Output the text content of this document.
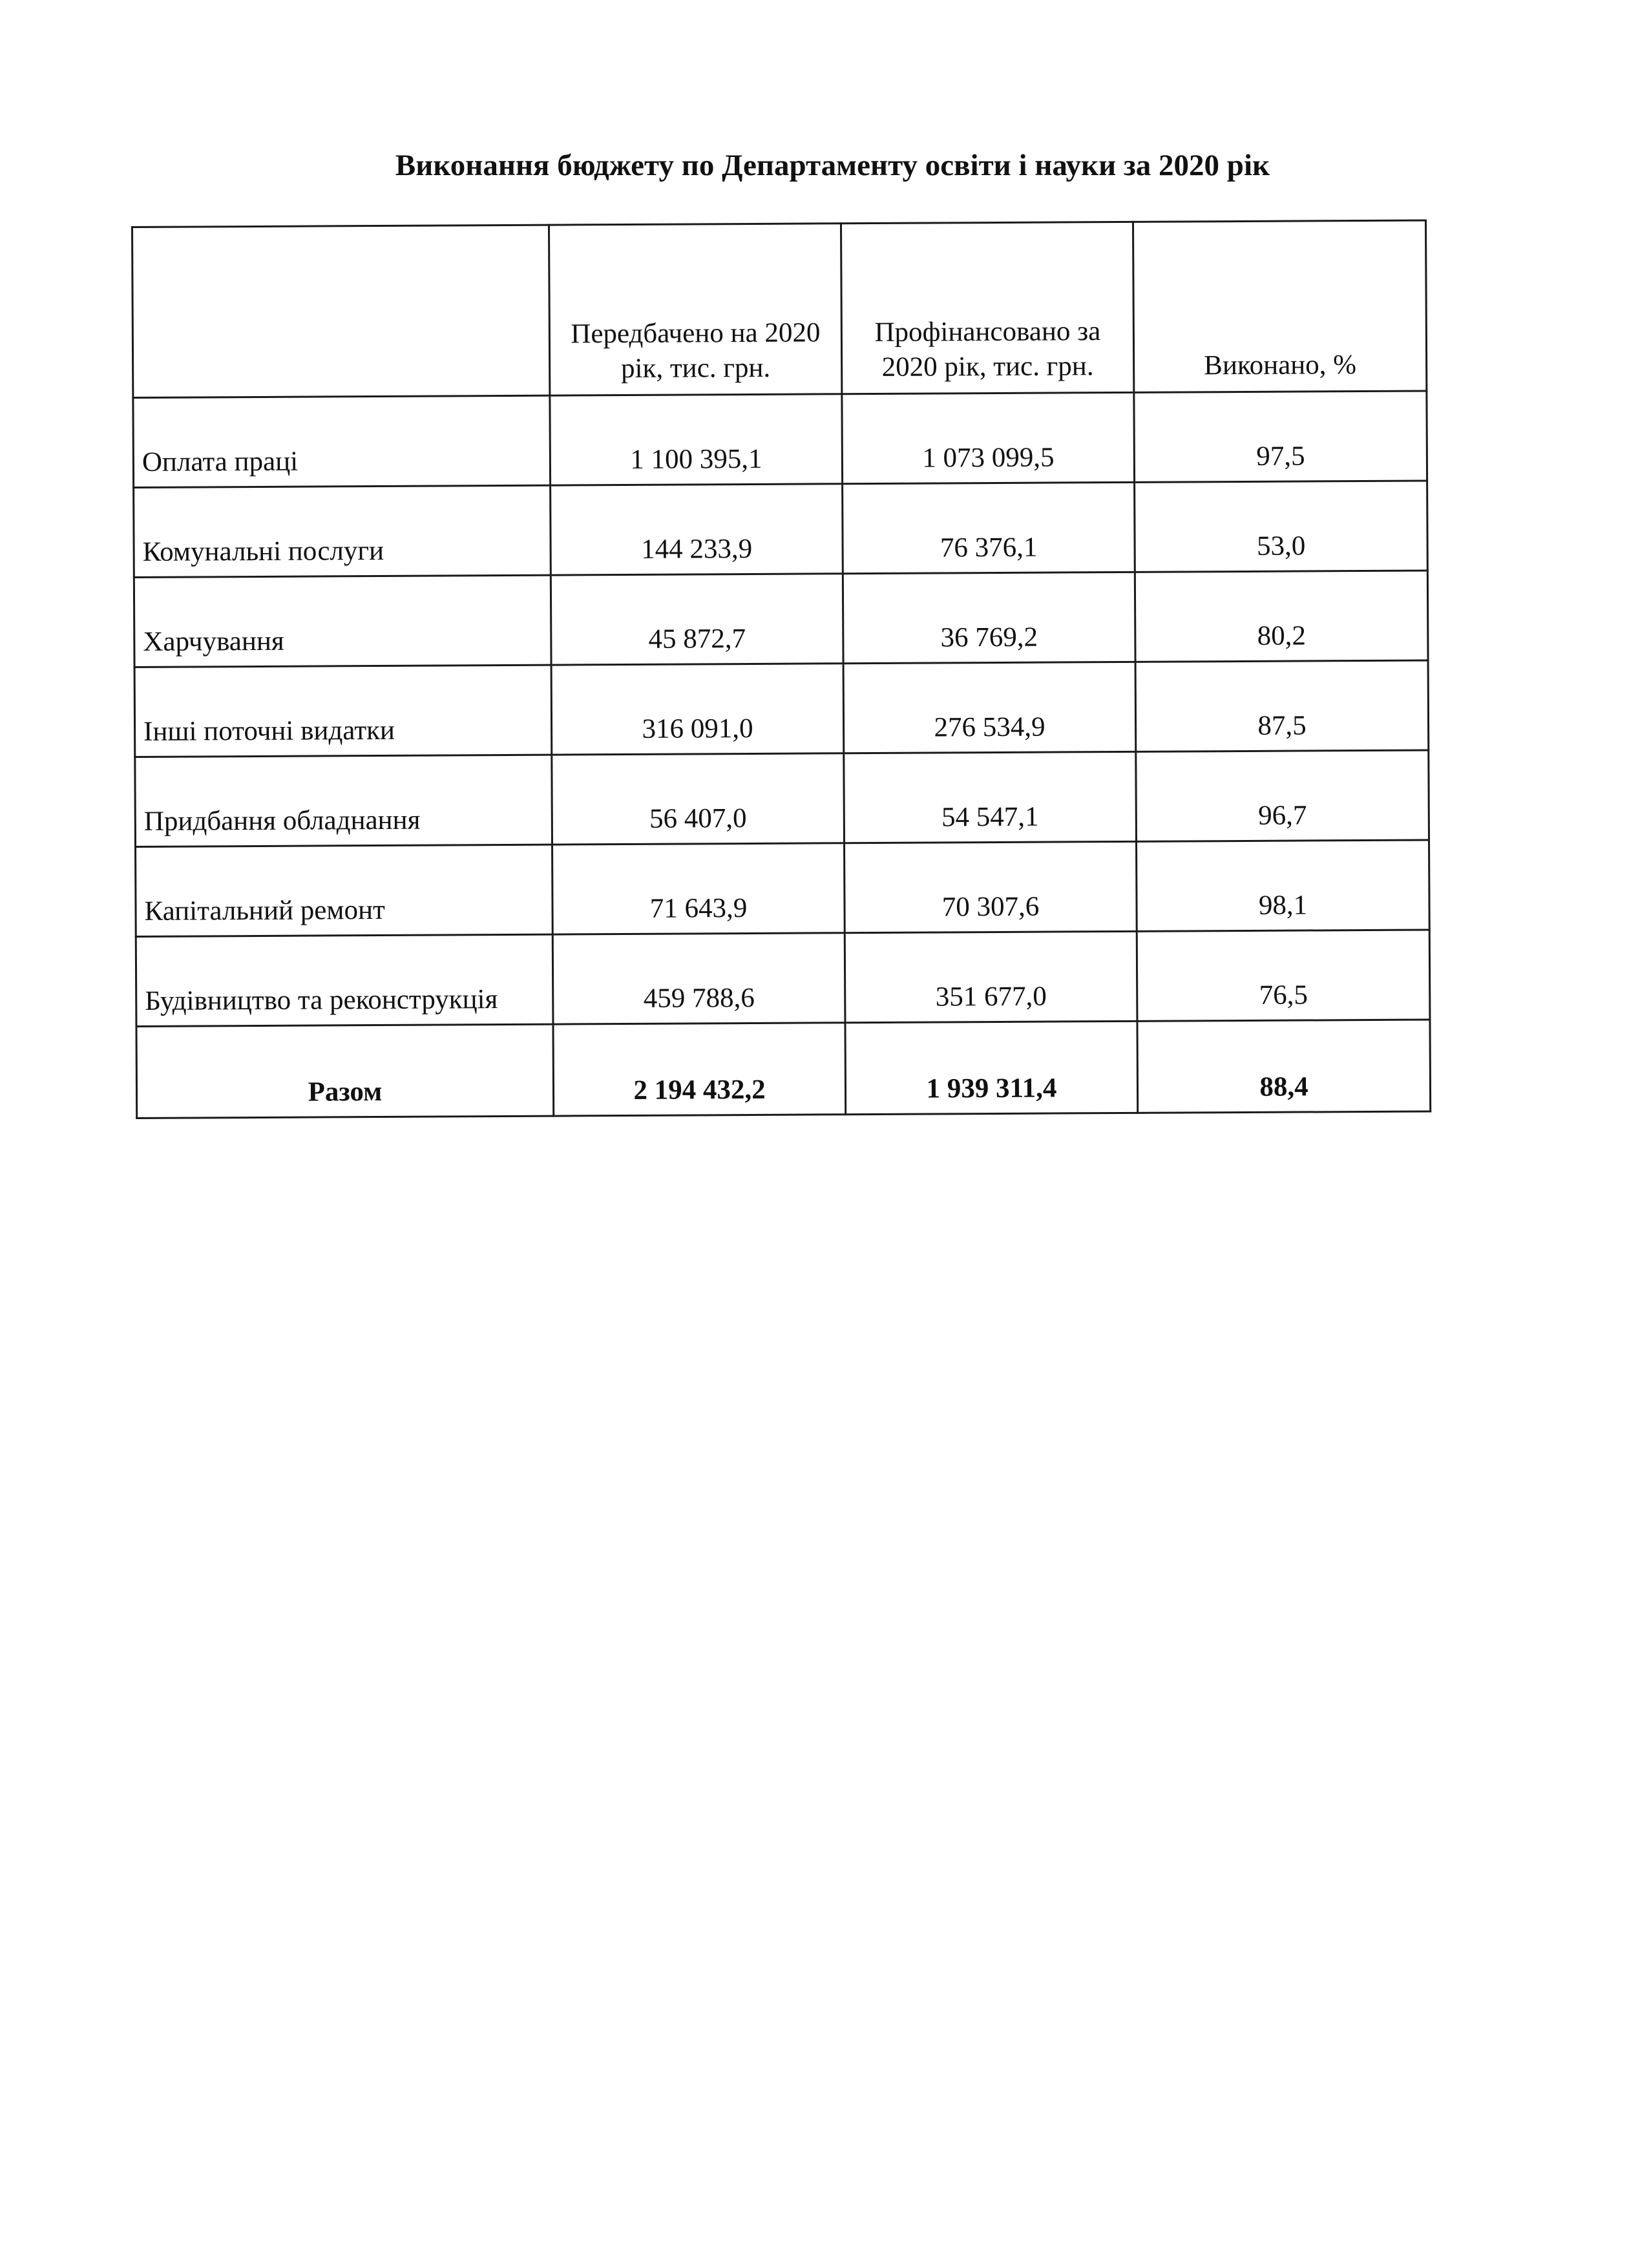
Виконання бюджету по Департаменту освіти і науки за 2020 рік
	Передбачено на 2020 рік, тис. грн.	Профінансовано за 2020 рік, тис. грн.	Виконано, %
Оплата праці	1 100 395,1	1 073 099,5	97,5
Комунальні послуги	144 233,9	76 376,1	53,0
Харчування	45 872,7	36 769,2	80,2
Інші поточні видатки	316 091,0	276 534,9	87,5
Придбання обладнання	56 407,0	54 547,1	96,7
Капітальний ремонт	71 643,9	70 307,6	98,1
Будівництво та реконструкція	459 788,6	351 677,0	76,5
Разом	2 194 432,2	1 939 311,4	88,4
